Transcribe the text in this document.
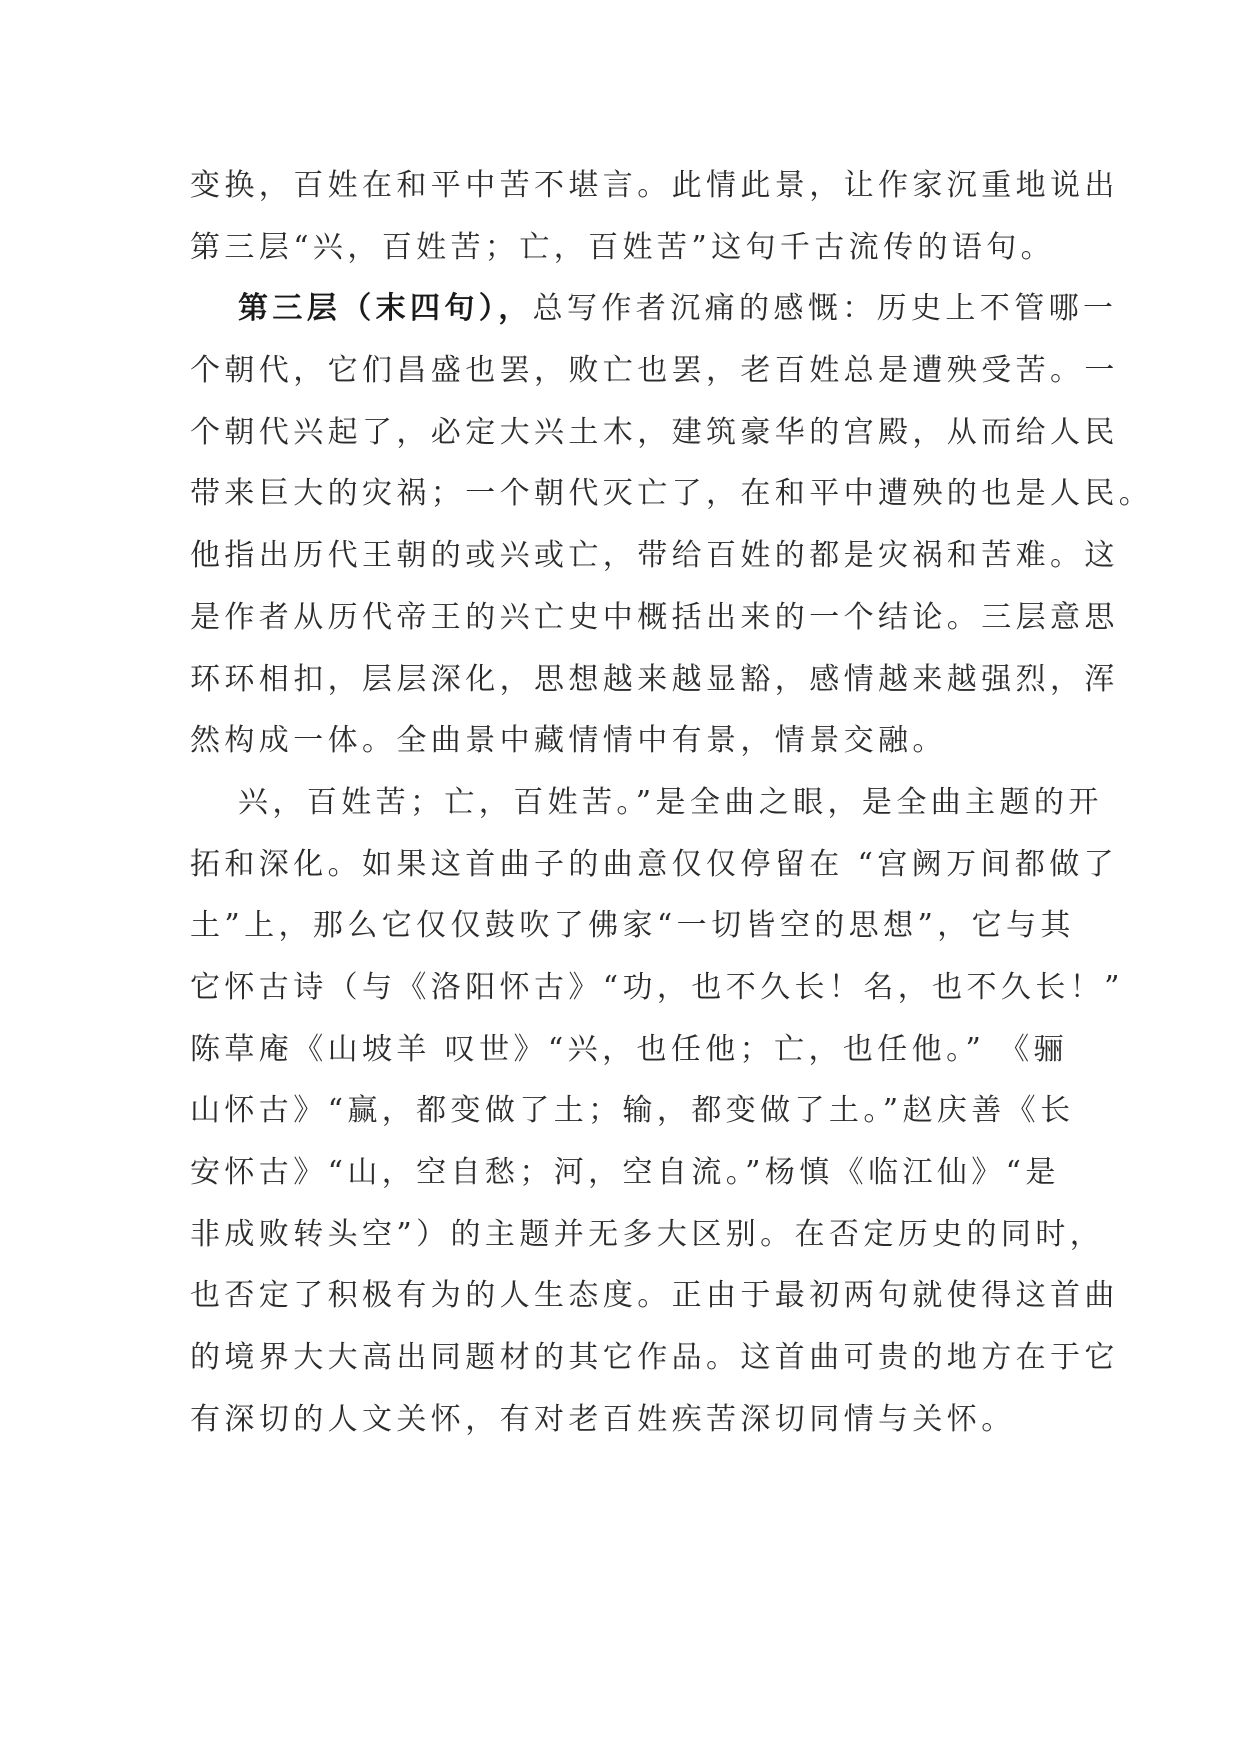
变换，百姓在和平中苦不堪言。此情此景，让作家沉重地说出
第三层“兴，百姓苦；亡，百姓苦”这句千古流传的语句。
第三层（末四句），总写作者沉痛的感慨：历史上不管哪一
个朝代，它们昌盛也罢，败亡也罢，老百姓总是遭殃受苦。一
个朝代兴起了，必定大兴土木，建筑豪华的宫殿，从而给人民
带来巨大的灾祸；一个朝代灭亡了，在和平中遭殃的也是人民。
他指出历代王朝的或兴或亡，带给百姓的都是灾祸和苦难。这
是作者从历代帝王的兴亡史中概括出来的一个结论。三层意思
环环相扣，层层深化，思想越来越显豁，感情越来越强烈，浑
然构成一体。全曲景中藏情情中有景，情景交融。
兴，百姓苦；亡，百姓苦。”是全曲之眼，是全曲主题的开
拓和深化。如果这首曲子的曲意仅仅停留在 “宫阙万间都做了
土”上，那么它仅仅鼓吹了佛家“一切皆空的思想”，它与其
它怀古诗（与《洛阳怀古》“功，也不久长！名，也不久长！”
陈草庵《山坡羊 叹世》“兴，也任他；亡，也任他。” 《骊
山怀古》“赢，都变做了土；输，都变做了土。”赵庆善《长
安怀古》“山，空自愁；河，空自流。”杨慎《临江仙》“是
非成败转头空”）的主题并无多大区别。在否定历史的同时，
也否定了积极有为的人生态度。正由于最初两句就使得这首曲
的境界大大高出同题材的其它作品。这首曲可贵的地方在于它
有深切的人文关怀，有对老百姓疾苦深切同情与关怀。
